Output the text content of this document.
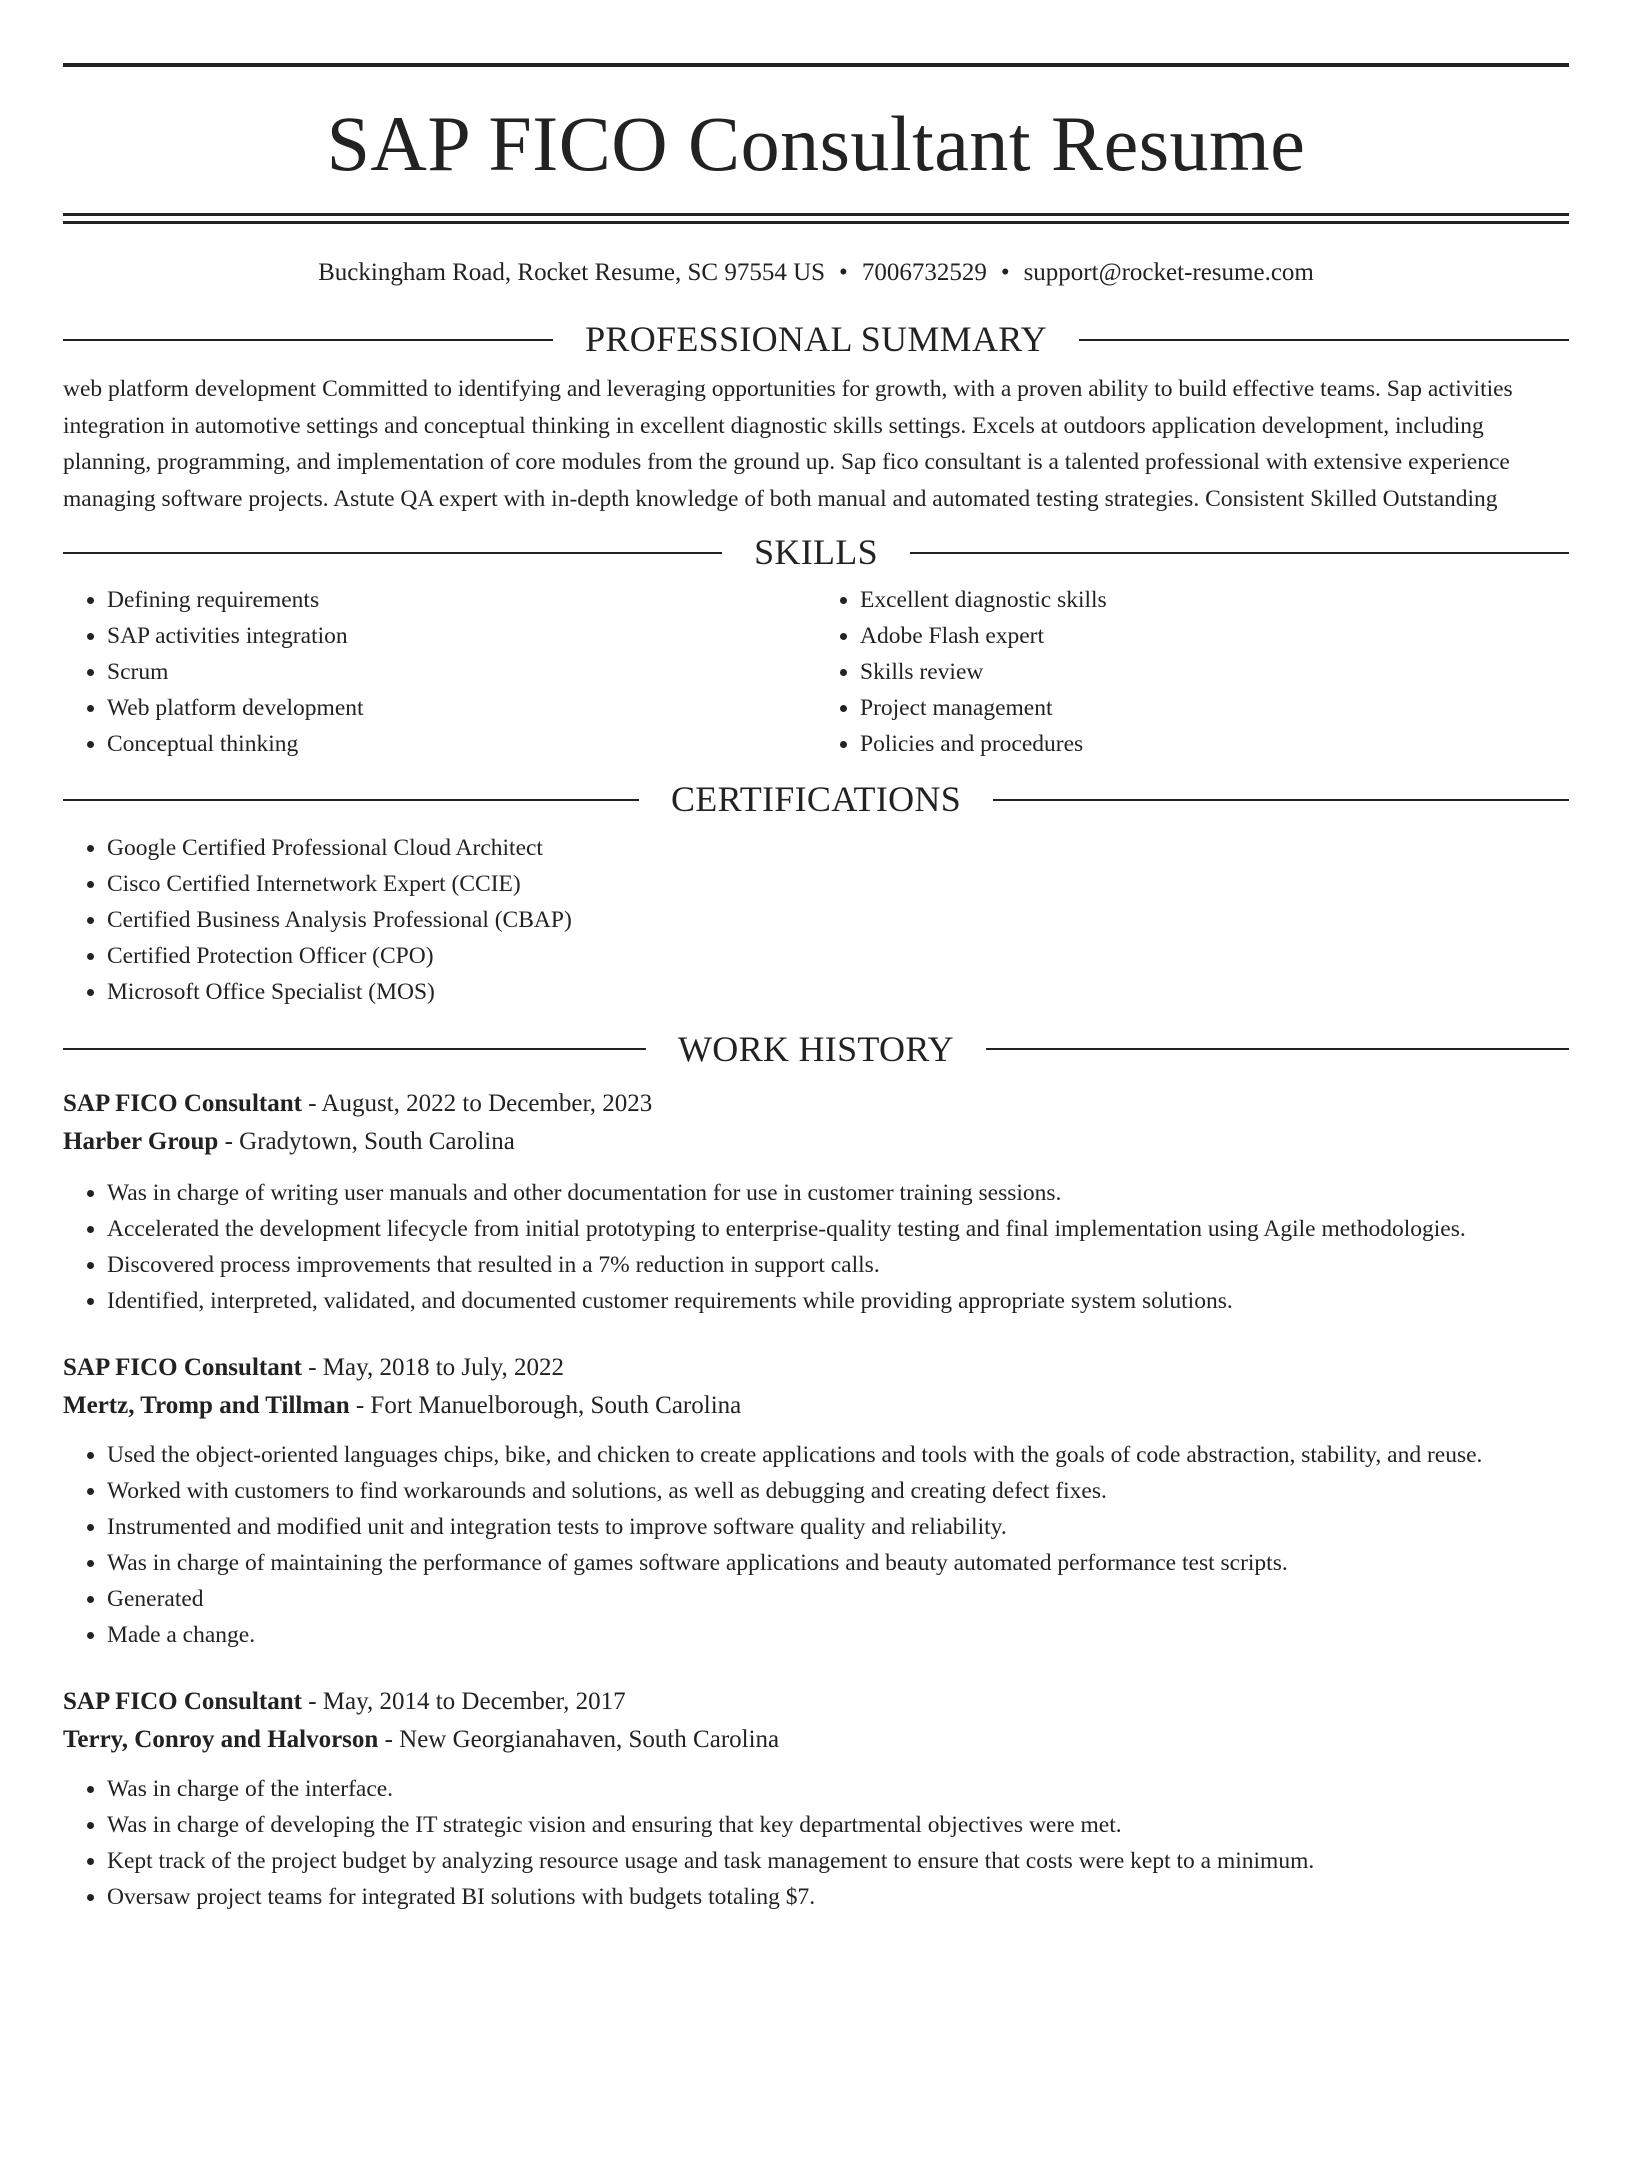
SAP FICO Consultant Resume
Buckingham Road, Rocket Resume, SC 97554 US • 7006732529 • support@rocket-resume.com
PROFESSIONAL SUMMARY

web platform development Committed to identifying and leveraging opportunities for growth, with a proven ability to build effective teams. Sap activities integration in automotive settings and conceptual thinking in excellent diagnostic skills settings. Excels at outdoors application development, including planning, programming, and implementation of core modules from the ground up. Sap fico consultant is a talented professional with extensive experience managing software projects. Astute QA expert with in-depth knowledge of both manual and automated testing strategies. Consistent Skilled Outstanding

SKILLS
• Defining requirements
• SAP activities integration
• Scrum
• Web platform development
• Conceptual thinking
• Excellent diagnostic skills
• Adobe Flash expert
• Skills review
• Project management
• Policies and procedures
CERTIFICATIONS
• Google Certified Professional Cloud Architect
• Cisco Certified Internetwork Expert (CCIE)
• Certified Business Analysis Professional (CBAP)
• Certified Protection Officer (CPO)
• Microsoft Office Specialist (MOS)
WORK HISTORY
SAP FICO Consultant - August, 2022 to December, 2023
Harber Group - Gradytown, South Carolina
• Was in charge of writing user manuals and other documentation for use in customer training sessions.
• Accelerated the development lifecycle from initial prototyping to enterprise-quality testing and final implementation using Agile methodologies.
• Discovered process improvements that resulted in a 7% reduction in support calls.
• Identified, interpreted, validated, and documented customer requirements while providing appropriate system solutions.
SAP FICO Consultant - May, 2018 to July, 2022
Mertz, Tromp and Tillman - Fort Manuelborough, South Carolina
• Used the object-oriented languages chips, bike, and chicken to create applications and tools with the goals of code abstraction, stability, and reuse.
• Worked with customers to find workarounds and solutions, as well as debugging and creating defect fixes.
• Instrumented and modified unit and integration tests to improve software quality and reliability.
• Was in charge of maintaining the performance of games software applications and beauty automated performance test scripts.
• Generated
• Made a change.
SAP FICO Consultant - May, 2014 to December, 2017
Terry, Conroy and Halvorson - New Georgianahaven, South Carolina
• Was in charge of the interface.
• Was in charge of developing the IT strategic vision and ensuring that key departmental objectives were met.
• Kept track of the project budget by analyzing resource usage and task management to ensure that costs were kept to a minimum.
• Oversaw project teams for integrated BI solutions with budgets totaling $7.
